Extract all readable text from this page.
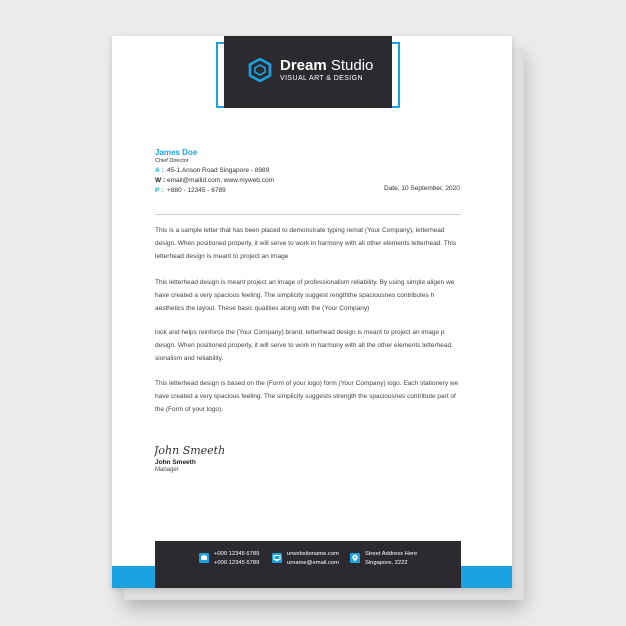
Dream Studio
VISUAL ART & DESIGN
James Doe
Chief Director
A : 45-1,Anson Road Singapore - 8989
W : email@mailid.com, www.myweb.com
P : +880 - 12345 - 6789	Date, 10 September, 2020
This is a sample letter that has been placed to demonstrate typing remat (Your Company), letterhead design. When positioned properly, it will serve to work in harmony with all other elements letterhead. This letterhead design is meant to project an image
This letterhead design is meant project an image of professionalism reliability. By using simple aligen we have created a very spacious feeling. The simplicity suggest rengththe spaciousnes contributes h aesthetics the layout. These basic qualities along with the (Your Company)
look and helps reinforce the (Your Company) brand. letterhead design is meant to project an image p design. When positioned properly, it will serve to work in harmony with all the other elements letterhead. sionalism and reliability.
This letterhead design is based on the (Form of your logo) form (Your Company) logo. Each stationery we have created a very spacious feeling. The simplicity suggests strength the spaciousnes contribute part of the (Form of your logo).
John Smeeth
John Smeeth
Manager
+000 12345 6789
+000 12345 6789
urwebsitename.com
urname@email.com
Street Address Here
Singapore, 2222
